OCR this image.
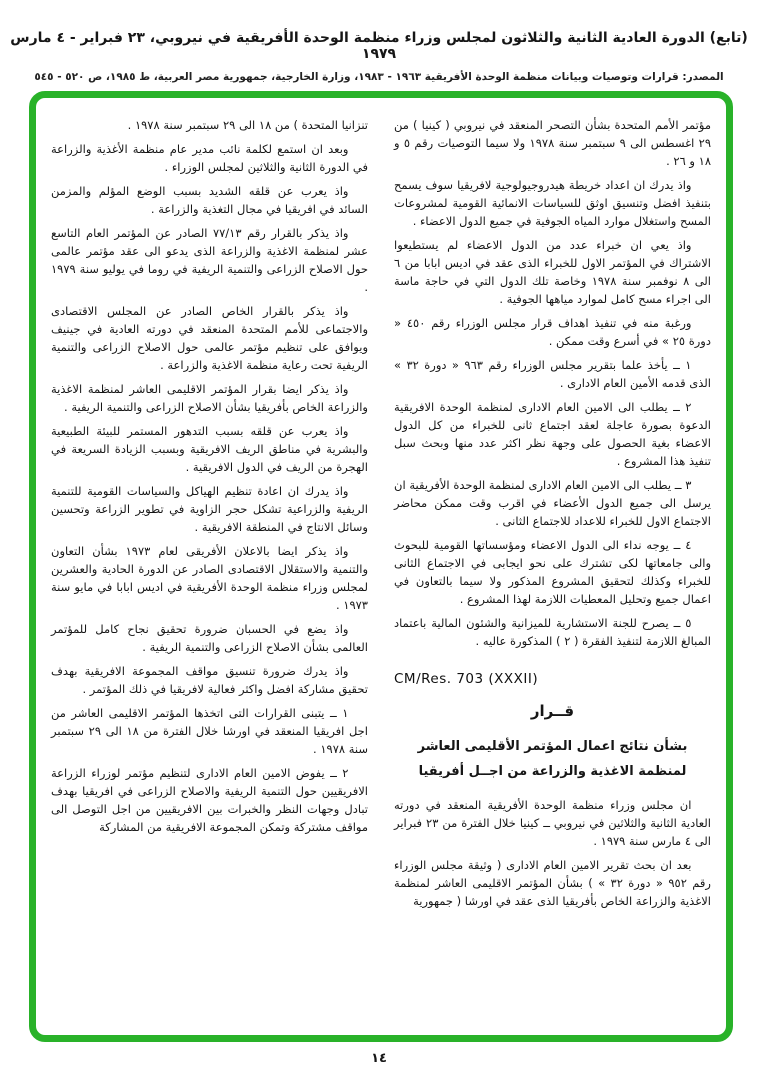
(تابع) الدورة العادية الثانية والثلاثون لمجلس وزراء منظمة الوحدة الأفريقية في نيروبي، ٢٣ فبراير - ٤ مارس ١٩٧٩
المصدر: قرارات وتوصيات وبيانات منظمة الوحدة الأفريقية ١٩٦٣ - ١٩٨٣، وزارة الخارجية، جمهورية مصر العربية، ط ١٩٨٥، ص ٥٢٠ - ٥٤٥

مؤتمر الأمم المتحدة بشأن التصحر المنعقد في نيروبي ( كينيا ) من ٢٩ اغسطس الى ٩ سبتمبر سنة ١٩٧٨ ولا سيما التوصيات رقم ٥ و ١٨ و ٢٦ .

واذ يدرك ان اعداد خريطة هيدروجيولوجية لافريقيا سوف يسمح بتنفيذ افضل وتنسيق اوثق للسياسات الانمائية القومية لمشروعات المسح واستغلال موارد المياه الجوفية في جميع الدول الاعضاء .

واذ يعي ان خبراء عدد من الدول الاعضاء لم يستطيعوا الاشتراك في المؤتمر الاول للخبراء الذى عقد في اديس ابابا من ٦ الى ٨ نوفمبر سنة ١٩٧٨ وخاصة تلك الدول التي في حاجة ماسة الى اجراء مسح كامل لموارد مياهها الجوفية .

ورغبة منه في تنفيذ اهداف قرار مجلس الوزراء رقم ٤٥٠ « دورة ٢٥ » في أسرع وقت ممكن .

١ ــ يأخذ علما بتقرير مجلس الوزراء رقم ٩٦٣ « دورة ٣٢ » الذى قدمه الأمين العام الادارى .

٢ ــ يطلب الى الامين العام الادارى لمنظمة الوحدة الافريقية الدعوة بصورة عاجلة لعقد اجتماع ثانى للخبراء من كل الدول الاعضاء بغية الحصول على وجهة نظر اكثر عدد منها وبحث سبل تنفيذ هذا المشروع .

٣ ــ يطلب الى الامين العام الادارى لمنظمة الوحدة الأفريقية ان يرسل الى جميع الدول الأعضاء في اقرب وقت ممكن محاضر الاجتماع الاول للخبراء للاعداد للاجتماع الثانى .

٤ ــ يوجه نداء الى الدول الاعضاء ومؤسساتها القومية للبحوث والى جامعاتها لكى تشترك على نحو ايجابى في الاجتماع الثانى للخبراء وكذلك لتحقيق المشروع المذكور ولا سيما بالتعاون في اعمال جميع وتحليل المعطيات اللازمة لهذا المشروع .

٥ ــ يصرح للجنة الاستشارية للميزانية والشئون المالية باعتماد المبالغ اللازمة لتنفيذ الفقرة ( ٢ ) المذكورة عاليه .

CM/Res. 703 (XXXII)
قــرار
بشأن نتائج اعمال المؤتمر الأقليمى العاشر
لمنظمة الاغذية والزراعة من اجــل أفريقيا

ان مجلس وزراء منظمة الوحدة الأفريقية المنعقد في دورته العادية الثانية والثلاثين في نيروبي ــ كينيا خلال الفترة من ٢٣ فبراير الى ٤ مارس سنة ١٩٧٩ .

بعد ان بحث تقرير الامين العام الادارى ( وثيقة مجلس الوزراء رقم ٩٥٢ « دورة ٣٢ » ) بشأن المؤتمر الاقليمى العاشر لمنظمة الاغذية والزراعة الخاص بأفريقيا الذى عقد في اورشا ( جمهورية

تنزانيا المتحدة ) من ١٨ الى ٢٩ سبتمبر سنة ١٩٧٨ .

وبعد ان استمع لكلمة نائب مدير عام منظمة الأغذية والزراعة في الدورة الثانية والثلاثين لمجلس الوزراء .

واذ يعرب عن قلقه الشديد بسبب الوضع المؤلم والمزمن السائد في افريقيا في مجال التغذية والزراعة .

واذ يذكر بالقرار رقم ٧٧/١٣ الصادر عن المؤتمر العام التاسع عشر لمنظمة الاغذية والزراعة الذى يدعو الى عقد مؤتمر عالمى حول الاصلاح الزراعى والتنمية الريفية في روما في يوليو سنة ١٩٧٩ .

واذ يذكر بالقرار الخاص الصادر عن المجلس الاقتصادى والاجتماعى للأمم المتحدة المنعقد في دورته العادية في جينيف ويوافق على تنظيم مؤتمر عالمى حول الاصلاح الزراعى والتنمية الريفية تحت رعاية منظمة الاغذية والزراعة .

واذ يذكر ايضا بقرار المؤتمر الاقليمى العاشر لمنظمة الاغذية والزراعة الخاص بأفريقيا بشأن الاصلاح الزراعى والتنمية الريفية .

واذ يعرب عن قلقه بسبب التدهور المستمر للبيئة الطبيعية والبشرية في مناطق الريف الافريقية وبسبب الزيادة السريعة في الهجرة من الريف في الدول الافريقية .

واذ يدرك ان اعادة تنظيم الهياكل والسياسات القومية للتنمية الريفية والزراعية تشكل حجر الزاوية في تطوير الزراعة وتحسين وسائل الانتاج في المنطقة الافريقية .

واذ يذكر ايضا بالاعلان الأفريقى لعام ١٩٧٣ بشأن التعاون والتنمية والاستقلال الاقتصادى الصادر عن الدورة الحادية والعشرين لمجلس وزراء منظمة الوحدة الأفريقية في اديس ابابا في مايو سنة ١٩٧٣ .

واذ يضع في الحسبان ضرورة تحقيق نجاح كامل للمؤتمر العالمى بشأن الاصلاح الزراعى والتنمية الريفية .

واذ يدرك ضرورة تنسيق مواقف المجموعة الافريقية بهدف تحقيق مشاركة افضل واكثر فعالية لافريقيا في ذلك المؤتمر .

١ ــ يتبنى القرارات التى اتخذها المؤتمر الاقليمى العاشر من اجل افريقيا المنعقد في اورشا خلال الفترة من ١٨ الى ٢٩ سبتمبر سنة ١٩٧٨ .

٢ ــ يفوض الامين العام الادارى لتنظيم مؤتمر لوزراء الزراعة الافريقيين حول التنمية الريفية والاصلاح الزراعى في افريقيا بهدف تبادل وجهات النظر والخبرات بين الافريقيين من اجل التوصل الى مواقف مشتركة وتمكن المجموعة الافريقية من المشاركة

١٤
